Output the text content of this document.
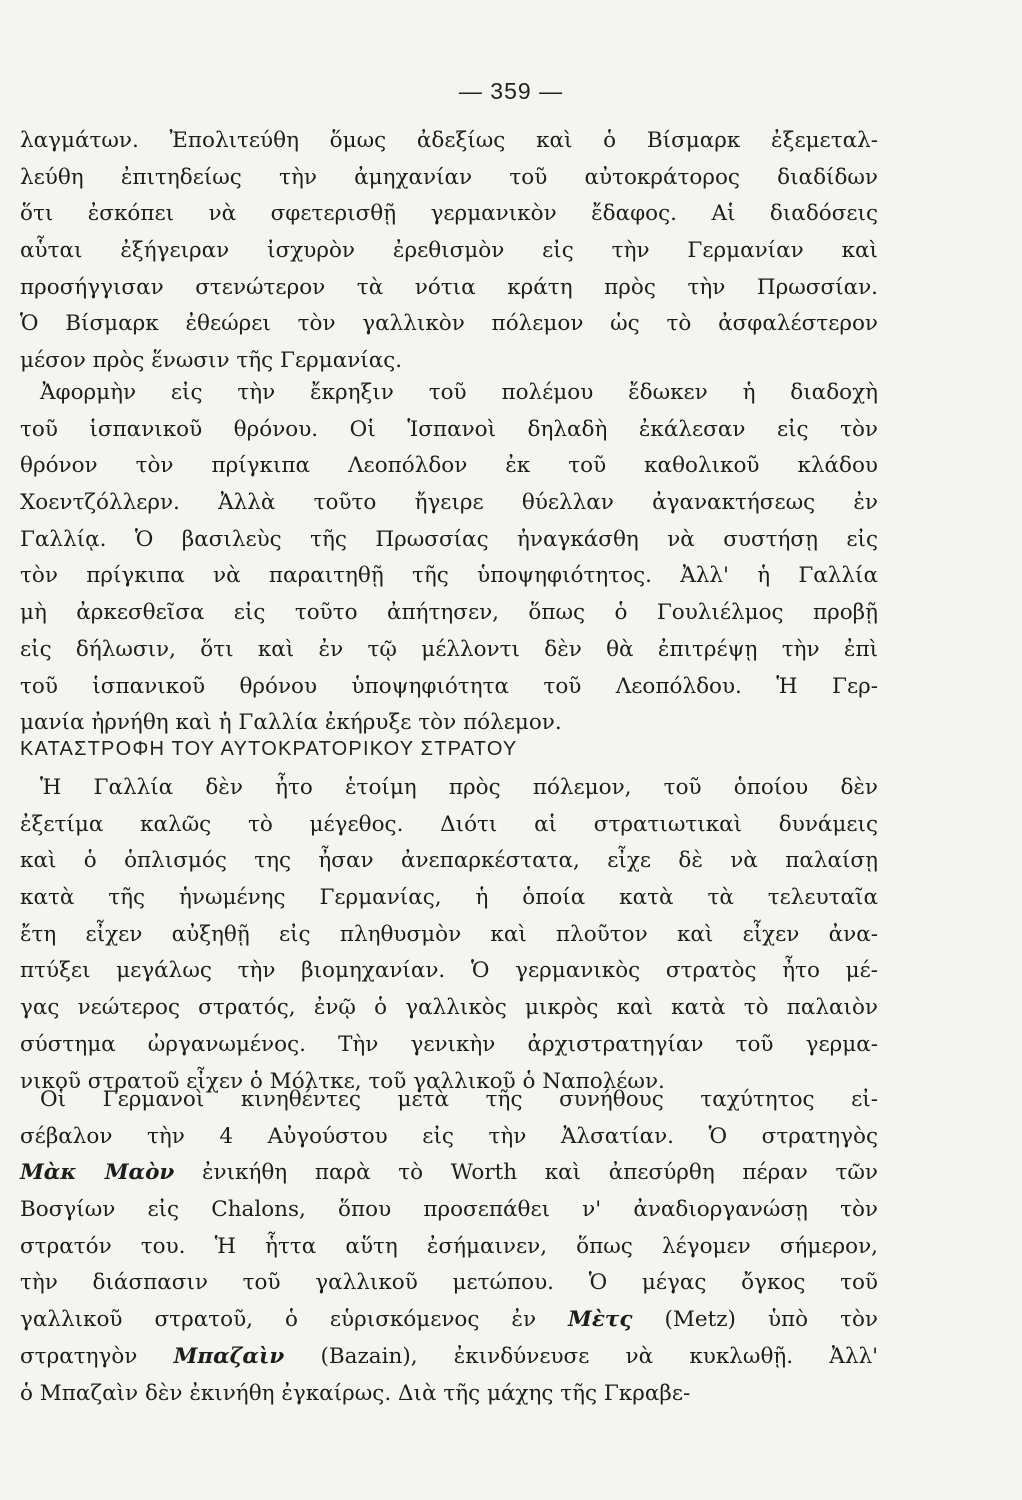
— 359 —
λαγμάτων. Ἐπολιτεύθη ὅμως ἀδεξίως καὶ ὁ Βίσμαρκ ἐξεμεταλ-
λεύθη ἐπιτηδείως τὴν ἀμηχανίαν τοῦ αὐτοκράτορος διαδίδων
ὅτι ἐσκόπει νὰ σφετερισθῇ γερμανικὸν ἔδαφος. Αἱ διαδόσεις
αὗται ἐξήγειραν ἰσχυρὸν ἐρεθισμὸν εἰς τὴν Γερμανίαν καὶ
προσήγγισαν στενώτερον τὰ νότια κράτη πρὸς τὴν Πρωσσίαν.
Ὁ Βίσμαρκ ἐθεώρει τὸν γαλλικὸν πόλεμον ὡς τὸ ἀσφαλέστερον
μέσον πρὸς ἕνωσιν τῆς Γερμανίας.
Ἀφορμὴν εἰς τὴν ἔκρηξιν τοῦ πολέμου ἔδωκεν ἡ διαδοχὴ
τοῦ ἱσπανικοῦ θρόνου. Οἱ Ἱσπανοὶ δηλαδὴ ἐκάλεσαν εἰς τὸν
θρόνον τὸν πρίγκιπα Λεοπόλδον ἐκ τοῦ καθολικοῦ κλάδου
Χοεντζόλλερν. Ἀλλὰ τοῦτο ἤγειρε θύελλαν ἀγανακτήσεως ἐν
Γαλλίᾳ. Ὁ βασιλεὺς τῆς Πρωσσίας ἠναγκάσθη νὰ συστήσῃ εἰς
τὸν πρίγκιπα νὰ παραιτηθῇ τῆς ὑποψηφιότητος. Ἀλλ' ἡ Γαλλία
μὴ ἀρκεσθεῖσα εἰς τοῦτο ἀπήτησεν, ὅπως ὁ Γουλιέλμος προβῇ
εἰς δήλωσιν, ὅτι καὶ ἐν τῷ μέλλοντι δὲν θὰ ἐπιτρέψῃ τὴν ἐπὶ
τοῦ ἱσπανικοῦ θρόνου ὑποψηφιότητα τοῦ Λεοπόλδου. Ἡ Γερ-
μανία ἠρνήθη καὶ ἡ Γαλλία ἐκήρυξε τὸν πόλεμον.
ΚΑΤΑΣΤΡΟΦΗ ΤΟΥ ΑΥΤΟΚΡΑΤΟΡΙΚΟΥ ΣΤΡΑΤΟΥ
Ἡ Γαλλία δὲν ἦτο ἑτοίμη πρὸς πόλεμον, τοῦ ὁποίου δὲν
ἐξετίμα καλῶς τὸ μέγεθος. Διότι αἱ στρατιωτικαὶ δυνάμεις
καὶ ὁ ὁπλισμός της ἦσαν ἀνεπαρκέστατα, εἶχε δὲ νὰ παλαίσῃ
κατὰ τῆς ἡνωμένης Γερμανίας, ἡ ὁποία κατὰ τὰ τελευταῖα
ἔτη εἶχεν αὐξηθῇ εἰς πληθυσμὸν καὶ πλοῦτον καὶ εἶχεν ἀνα-
πτύξει μεγάλως τὴν βιομηχανίαν. Ὁ γερμανικὸς στρατὸς ἦτο μέ-
γας νεώτερος στρατός, ἐνῷ ὁ γαλλικὸς μικρὸς καὶ κατὰ τὸ παλαιὸν
σύστημα ὠργανωμένος. Τὴν γενικὴν ἀρχιστρατηγίαν τοῦ γερμα-
νικοῦ στρατοῦ εἶχεν ὁ Μόλτκε, τοῦ γαλλικοῦ ὁ Ναπολέων.
Οἱ Γερμανοὶ κινηθέντες μετὰ τῆς συνήθους ταχύτητος εἰ-
σέβαλον τὴν 4 Αὐγούστου εἰς τὴν Ἀλσατίαν. Ὁ στρατηγὸς
Μὰκ Μαὸν ἐνικήθη παρὰ τὸ Worth καὶ ἀπεσύρθη πέραν τῶν
Βοσγίων εἰς Chalons, ὅπου προσεπάθει ν' ἀναδιοργανώσῃ τὸν
στρατόν του. Ἡ ἧττα αὕτη ἐσήμαινεν, ὅπως λέγομεν σήμερον,
τὴν διάσπασιν τοῦ γαλλικοῦ μετώπου. Ὁ μέγας ὄγκος τοῦ
γαλλικοῦ στρατοῦ, ὁ εὑρισκόμενος ἐν Μὲτς (Metz) ὑπὸ τὸν
στρατηγὸν Μπαζαὶν (Bazain), ἐκινδύνευσε νὰ κυκλωθῇ. Ἀλλ'
ὁ Μπαζαὶν δὲν ἐκινήθη ἐγκαίρως. Διὰ τῆς μάχης τῆς Γκραβε-
